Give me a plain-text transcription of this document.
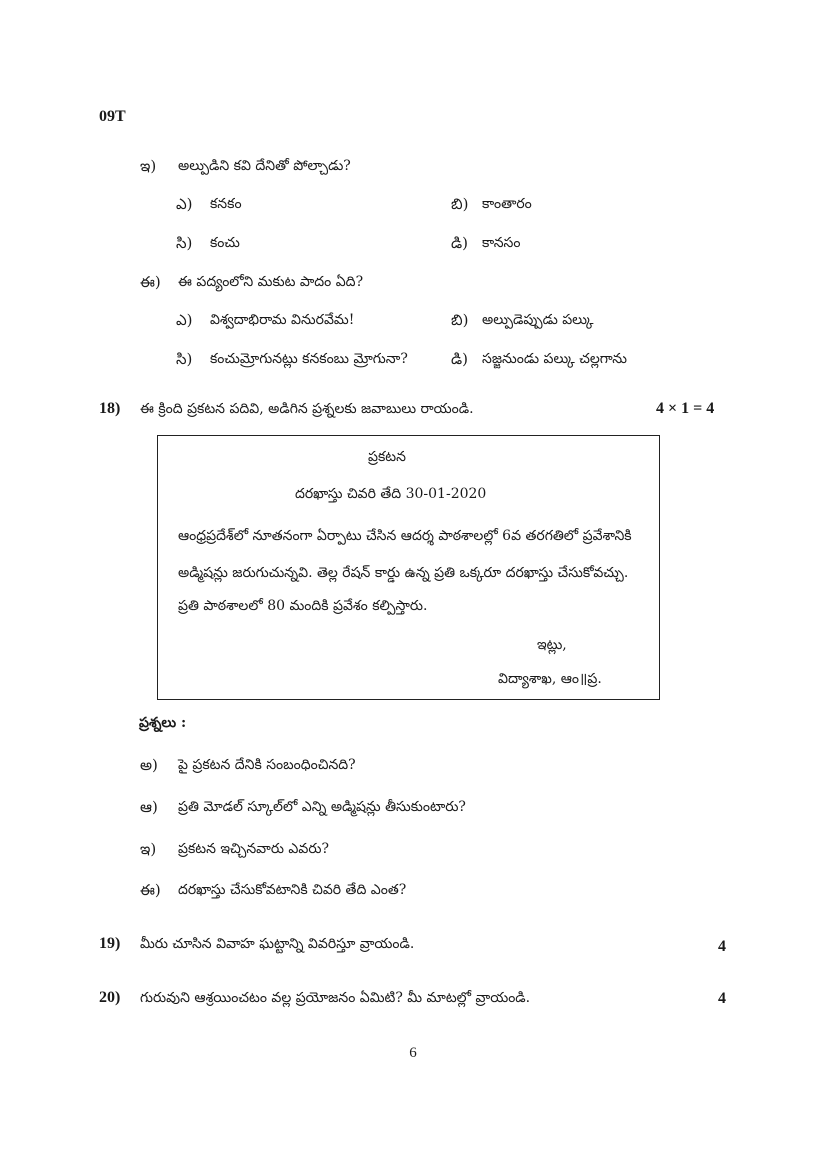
09T
ఇ) అల్పుడిని కవి దేనితో పోల్చాడు?
ఎ) కనకం	బి) కాంతారం
సి) కంచు	డి) కానసం
ఈ) ఈ పద్యంలోని మకుట పాదం ఏది?
ఎ) విశ్వదాభిరామ వినురవేమ!	బి) అల్పుడెప్పుడు పల్కు
సి) కంచుమ్రోగునట్లు కనకంబు మ్రోగునా?	డి) సజ్జనుండు పల్కు చల్లగాను
18) ఈ క్రింది ప్రకటన పదివి, అడిగిన ప్రశ్నలకు జవాబులు రాయండి.	4 × 1 = 4
ప్రకటన
దరఖాస్తు చివరి తేది 30-01-2020
ఆంధ్రప్రదేశ్‌లో నూతనంగా ఏర్పాటు చేసిన ఆదర్శ పాఠశాలల్లో 6వ తరగతిలో ప్రవేశానికి
అడ్మిషన్లు జరుగుచున్నవి. తెల్ల రేషన్ కార్డు ఉన్న ప్రతి ఒక్కరూ దరఖాస్తు చేసుకోవచ్చు.
ప్రతి పాఠశాలలో 80 మందికి ప్రవేశం కల్పిస్తారు.
ఇట్లు,
విద్యాశాఖ, ఆం॥ప్ర.
ప్రశ్నలు :
అ) పై ప్రకటన దేనికి సంబంధించినది?
ఆ) ప్రతి మోడల్ స్కూల్‌లో ఎన్ని అడ్మిషన్లు తీసుకుంటారు?
ఇ) ప్రకటన ఇచ్చినవారు ఎవరు?
ఈ) దరఖాస్తు చేసుకోవటానికి చివరి తేది ఎంత?
19) మీరు చూసిన వివాహ ఘట్టాన్ని వివరిస్తూ వ్రాయండి.	4
20) గురువుని ఆశ్రయించటం వల్ల ప్రయోజనం ఏమిటి? మీ మాటల్లో వ్రాయండి.	4
6
